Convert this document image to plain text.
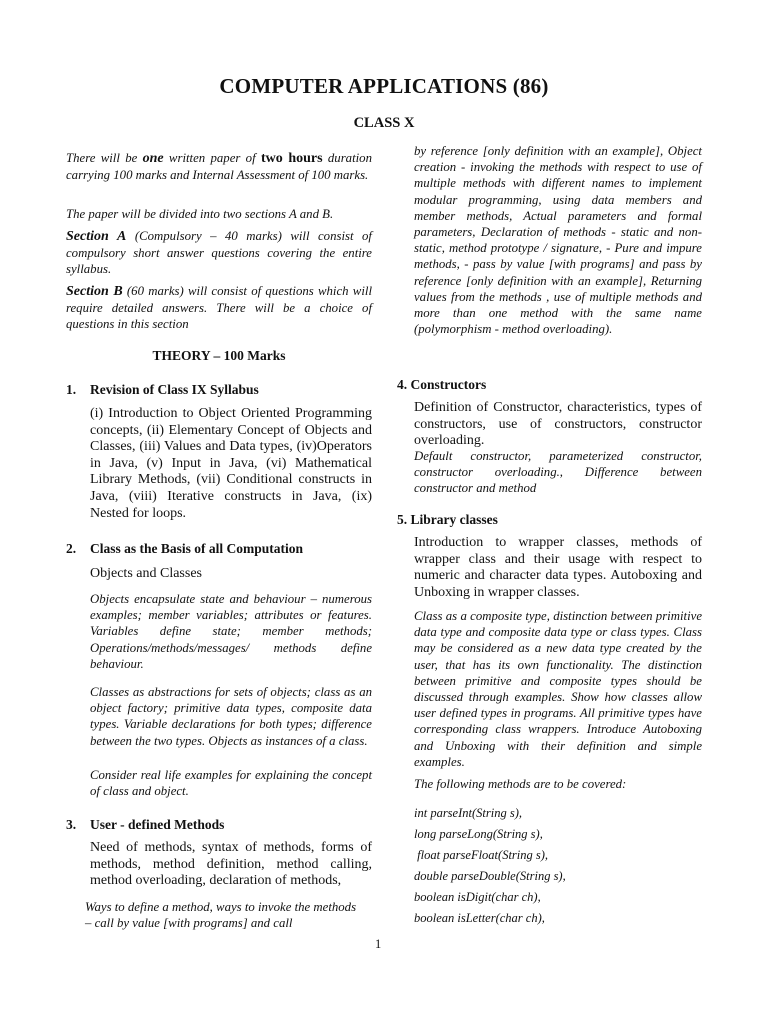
COMPUTER APPLICATIONS (86)
CLASS X
There will be one written paper of two hours duration carrying 100 marks and Internal Assessment of 100 marks.
The paper will be divided into two sections A and B.
Section A (Compulsory – 40 marks) will consist of compulsory short answer questions covering the entire syllabus.
Section B (60 marks) will consist of questions which will require detailed answers. There will be a choice of questions in this section
THEORY – 100 Marks
1. Revision of Class IX Syllabus
(i) Introduction to Object Oriented Programming concepts, (ii) Elementary Concept of Objects and Classes, (iii) Values and Data types, (iv)Operators in Java, (v) Input in Java, (vi) Mathematical Library Methods, (vii) Conditional constructs in Java, (viii) Iterative constructs in Java, (ix) Nested for loops.
2. Class as the Basis of all Computation
Objects and Classes
Objects encapsulate state and behaviour – numerous examples; member variables; attributes or features. Variables define state; member methods; Operations/methods/messages/ methods define behaviour.
Classes as abstractions for sets of objects; class as an object factory; primitive data types, composite data types. Variable declarations for both types; difference between the two types. Objects as instances of a class.
Consider real life examples for explaining the concept of class and object.
3. User - defined Methods
Need of methods, syntax of methods, forms of methods, method definition, method calling, method overloading, declaration of methods,
Ways to define a method, ways to invoke the methods – call by value [with programs] and call
by reference [only definition with an example], Object creation - invoking the methods with respect to use of multiple methods with different names to implement modular programming, using data members and member methods, Actual parameters and formal parameters, Declaration of methods - static and non-static, method prototype / signature, - Pure and impure methods, - pass by value [with programs] and pass by reference [only definition with an example], Returning values from the methods , use of multiple methods and more than one method with the same name (polymorphism - method overloading).
4. Constructors
Definition of Constructor, characteristics, types of constructors, use of constructors, constructor overloading.
Default constructor, parameterized constructor, constructor overloading., Difference between constructor and method
5. Library classes
Introduction to wrapper classes, methods of wrapper class and their usage with respect to numeric and character data types. Autoboxing and Unboxing in wrapper classes.
Class as a composite type, distinction between primitive data type and composite data type or class types. Class may be considered as a new data type created by the user, that has its own functionality. The distinction between primitive and composite types should be discussed through examples. Show how classes allow user defined types in programs. All primitive types have corresponding class wrappers. Introduce Autoboxing and Unboxing with their definition and simple examples.
The following methods are to be covered:
int parseInt(String s),
long parseLong(String s),
float parseFloat(String s),
double parseDouble(String s),
boolean isDigit(char ch),
boolean isLetter(char ch),
1
